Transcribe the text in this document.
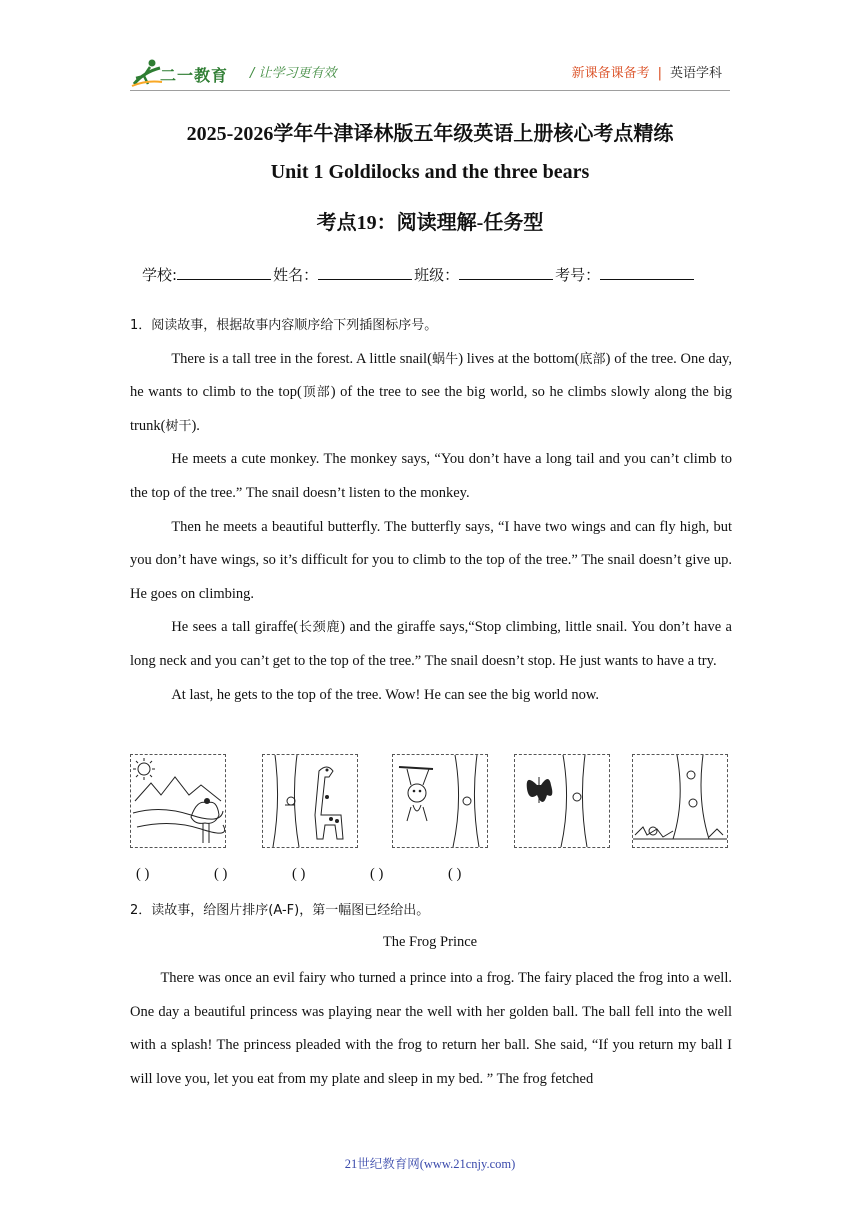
二一教育 / 让学习更有效	新课备课备考 | 英语学科
2025-2026学年牛津译林版五年级英语上册核心考点精练
Unit 1 Goldilocks and the three bears
考点19：阅读理解-任务型
学校:	姓名：	班级：	考号：

1．阅读故事，根据故事内容顺序给下列插图标序号。

There is a tall tree in the forest. A little snail(蜗牛) lives at the bottom(底部) of the tree. One day, he wants to climb to the top(顶部) of the tree to see the big world, so he climbs slowly along the big trunk(树干).

He meets a cute monkey. The monkey says, “You don’t have a long tail and you can’t climb to the top of the tree.” The snail doesn’t listen to the monkey.

Then he meets a beautiful butterfly. The butterfly says, “I have two wings and can fly high, but you don’t have wings, so it’s difficult for you to climb to the top of the tree.” The snail doesn’t give up. He goes on climbing.

He sees a tall giraffe(长颈鹿) and the giraffe says,“Stop climbing, little snail. You don’t have a long neck and you can’t get to the top of the tree.” The snail doesn’t stop. He just wants to have a try.

At last, he gets to the top of the tree. Wow! He can see the big world now.

( )	( )	( )	( )	( )

2．读故事，给图片排序(A-F)，第一幅图已经给出。

The Frog Prince

There was once an evil fairy who turned a prince into a frog. The fairy placed the frog into a well. One day a beautiful princess was playing near the well with her golden ball. The ball fell into the well with a splash! The princess pleaded with the frog to return her ball. She said, “If you return my ball I will love you, let you eat from my plate and sleep in my bed. ” The frog fetched

21世纪教育网(www.21cnjy.com)
